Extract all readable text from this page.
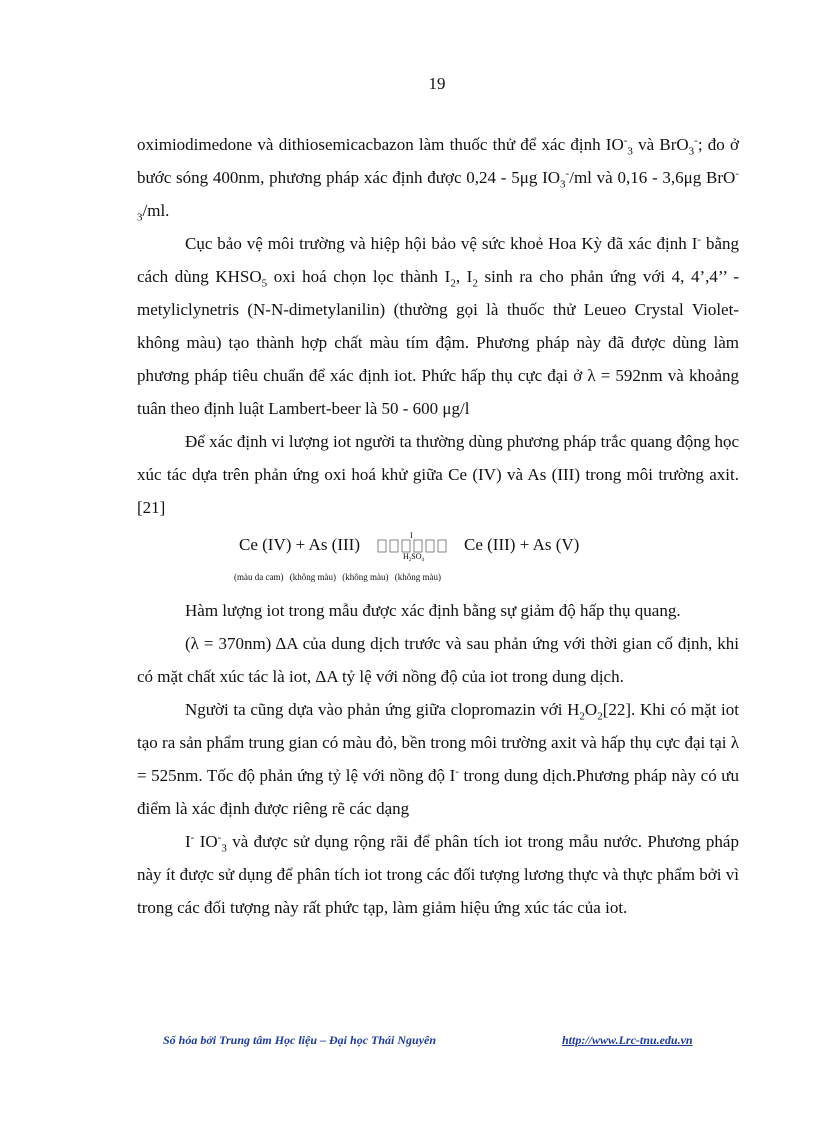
19

oximiodimedone và dithiosemicacbazon làm thuốc thử để xác định $IO^-_3$ và BrO$_3$-; đo ở bước sóng 400nm, phương pháp xác định được 0,24 - 5μg $IO_3^-/ml$ và 0,16 - 3,6μg BrO-$_3$/ml.

Cục bảo vệ môi trường và hiệp hội bảo vệ sức khoẻ Hoa Kỳ đã xác định I- bằng cách dùng $KHSO_5$ oxi hoá chọn lọc thành $I_2$, $I_2$ sinh ra cho phản ứng với 4, 4’,4’’ - metyliclynetris (N-N-dimetylanilin) (thường gọi là thuốc thử Leueo Crystal Violet- không màu) tạo thành hợp chất màu tím đậm. Phương pháp này đã được dùng làm phương pháp tiêu chuẩn để xác định iot. Phức hấp thụ cực đại ở λ = 592nm và khoảng tuân theo định luật Lambert-beer là 50 - 600 μg/l

Để xác định vi lượng iot người ta thường dùng phương pháp trắc quang động học xúc tác dựa trên phản ứng oxi hoá khử giữa Ce (IV) và As (III) trong môi trường axit. [21]

Ce (IV) + As (III)	I
$H_2SO_4$
Ce (III) + As (V)
(màu da cam) (không màu) (không màu) (không màu)

Hàm lượng iot trong mẫu được xác định bằng sự giảm độ hấp thụ quang.

(λ = 370nm) ΔA của dung dịch trước và sau phản ứng với thời gian cố định, khi có mặt chất xúc tác là iot, ΔA tỷ lệ với nồng độ của iot trong dung dịch.

Người ta cũng dựa vào phản ứng giữa clopromazin với $H_2O_2[22]$. Khi có mặt iot tạo ra sản phẩm trung gian có màu đỏ, bền trong môi trường axit và hấp thụ cực đại tại λ = 525nm. Tốc độ phản ứng tỷ lệ với nồng độ I- trong dung dịch.Phương pháp này có ưu điểm là xác định được riêng rẽ các dạng

I- $IO^-_3$ và được sử dụng rộng rãi để phân tích iot trong mẫu nước. Phương pháp này ít được sử dụng để phân tích iot trong các đối tượng lương thực và thực phẩm bởi vì trong các đối tượng này rất phức tạp, làm giảm hiệu ứng xúc tác của iot.

Số hóa bởi Trung tâm Học liệu – Đại học Thái Nguyên	http://www.Lrc-tnu.edu.vn
